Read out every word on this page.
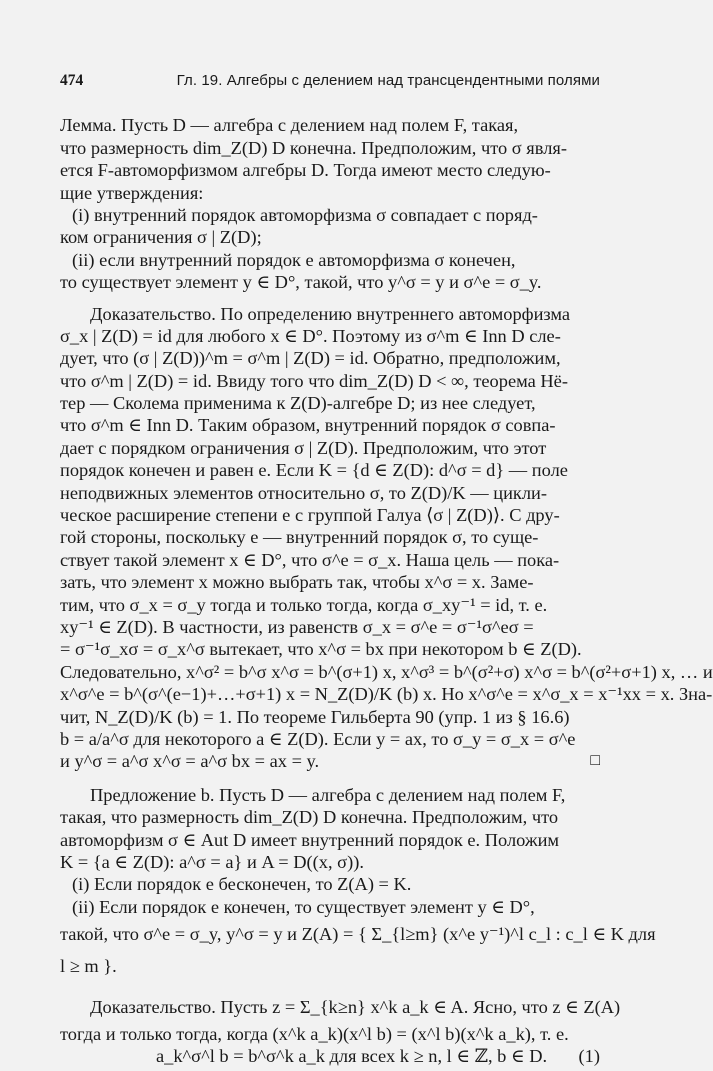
474	Гл. 19. Алгебры с делением над трансцендентными полями
Лемма. Пусть D — алгебра с делением над полем F, такая,
что размерность dim_Z(D) D конечна. Предположим, что σ явля-
ется F-автоморфизмом алгебры D. Тогда имеют место следую-
щие утверждения:
(i) внутренний порядок автоморфизма σ совпадает с поряд-
ком ограничения σ | Z(D);
(ii) если внутренний порядок e автоморфизма σ конечен,
то существует элемент y ∈ D°, такой, что y^σ = y и σ^e = σ_y.
Доказательство. По определению внутреннего автоморфизма
σ_x | Z(D) = id для любого x ∈ D°. Поэтому из σ^m ∈ Inn D сле-
дует, что (σ | Z(D))^m = σ^m | Z(D) = id. Обратно, предположим,
что σ^m | Z(D) = id. Ввиду того что dim_Z(D) D < ∞, теорема Нё-
тер — Сколема применима к Z(D)-алгебре D; из нее следует,
что σ^m ∈ Inn D. Таким образом, внутренний порядок σ совпа-
дает с порядком ограничения σ | Z(D). Предположим, что этот
порядок конечен и равен e. Если K = {d ∈ Z(D): d^σ = d} — поле
неподвижных элементов относительно σ, то Z(D)/K — цикли-
ческое расширение степени e с группой Галуа ⟨σ | Z(D)⟩. С дру-
гой стороны, поскольку e — внутренний порядок σ, то суще-
ствует такой элемент x ∈ D°, что σ^e = σ_x. Наша цель — пока-
зать, что элемент x можно выбрать так, чтобы x^σ = x. Заме-
тим, что σ_x = σ_y тогда и только тогда, когда σ_xy⁻¹ = id, т. е.
xy⁻¹ ∈ Z(D). В частности, из равенств σ_x = σ^e = σ⁻¹σ^eσ =
= σ⁻¹σ_xσ = σ_x^σ вытекает, что x^σ = bx при некотором b ∈ Z(D).
Следовательно, x^σ² = b^σ x^σ = b^(σ+1) x, x^σ³ = b^(σ²+σ) x^σ = b^(σ²+σ+1) x, … и
x^σ^e = b^(σ^(e−1)+…+σ+1) x = N_Z(D)/K (b) x. Но x^σ^e = x^σ_x = x⁻¹xx = x. Зна-
чит, N_Z(D)/K (b) = 1. По теореме Гильберта 90 (упр. 1 из § 16.6)
b = a/a^σ для некоторого a ∈ Z(D). Если y = ax, то σ_y = σ_x = σ^e
и y^σ = a^σ x^σ = a^σ bx = ax = y.	□
Предложение b. Пусть D — алгебра с делением над полем F,
такая, что размерность dim_Z(D) D конечна. Предположим, что
автоморфизм σ ∈ Aut D имеет внутренний порядок e. Положим
K = {a ∈ Z(D): a^σ = a} и A = D((x, σ)).
(i) Если порядок e бесконечен, то Z(A) = K.
(ii) Если порядок e конечен, то существует элемент y ∈ D°,
такой, что σ^e = σ_y, y^σ = y и Z(A) = { Σ_{l≥m} (x^e y⁻¹)^l c_l : c_l ∈ K для
l ≥ m }.
Доказательство. Пусть z = Σ_{k≥n} x^k a_k ∈ A. Ясно, что z ∈ Z(A)
тогда и только тогда, когда (x^k a_k)(x^l b) = (x^l b)(x^k a_k), т. е.
a_k^σ^l b = b^σ^k a_k для всех k ≥ n, l ∈ ℤ, b ∈ D. (1)
